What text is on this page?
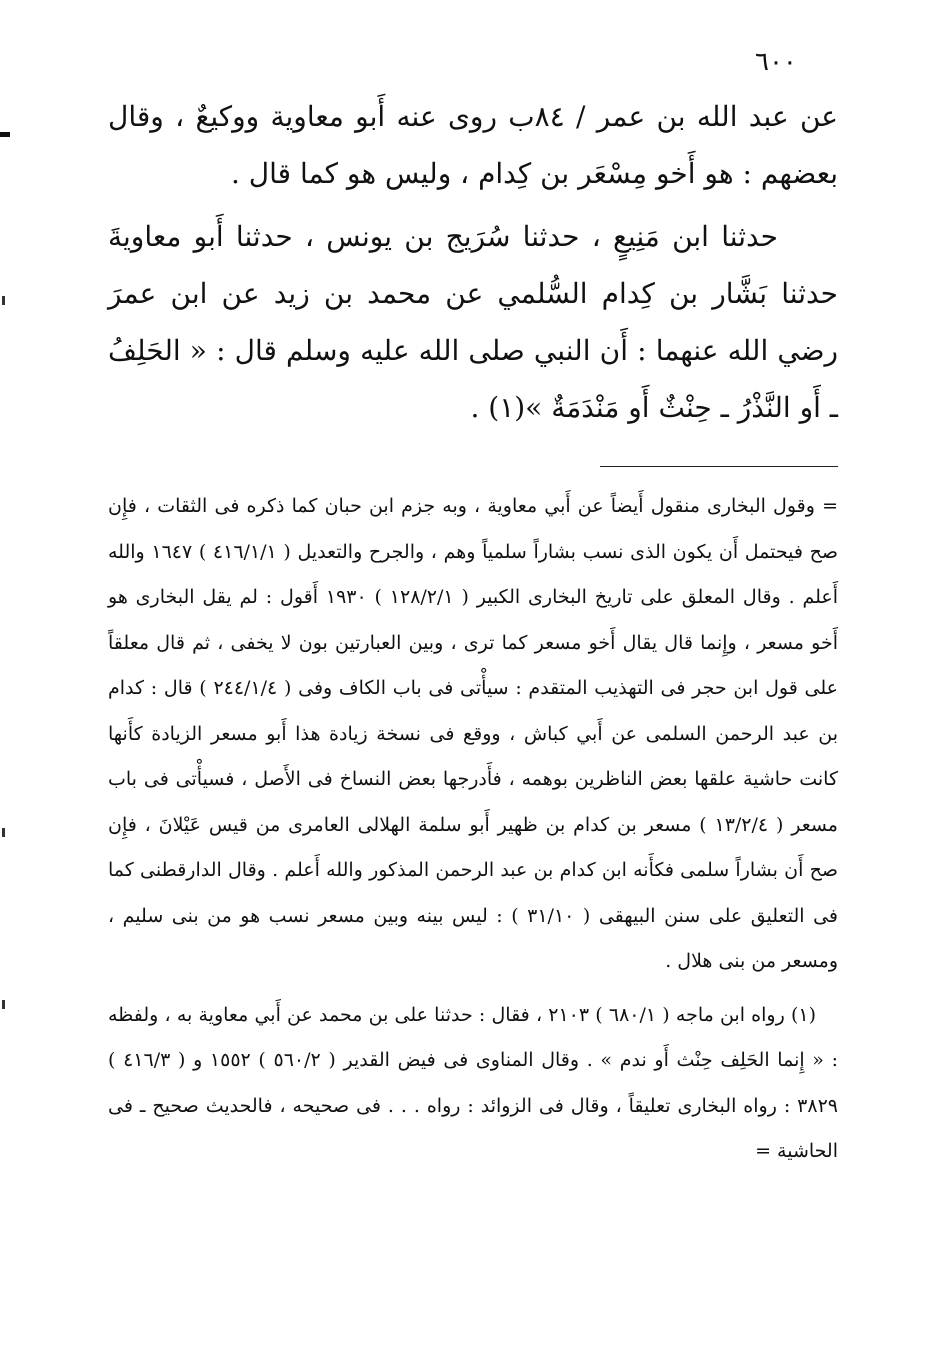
٦٠٠

عن عبد الله بن عمر / ٨٤ب روى عنه أَبو معاوية ووكيعٌ ، وقال بعضهم : هو أَخو مِسْعَر بن كِدام ، وليس هو كما قال .

حدثنا ابن مَنِيعٍ ، حدثنا سُرَيج بن يونس ، حدثنا أَبو معاويةَ حدثنا بَشَّار بن كِدام السُّلمي عن محمد بن زيد عن ابن عمرَ رضي الله عنهما : أَن النبي صلى الله عليه وسلم قال : « الحَلِفُ ـ أَو النَّذْرُ ـ حِنْثٌ أَو مَنْدَمَةٌ »(١) .

= وقول البخارى منقول أَيضاً عن أَبي معاوية ، وبه جزم ابن حبان كما ذكره فى الثقات ، فإِن صح فيحتمل أَن يكون الذى نسب بشاراً سلمياً وهم ، والجرح والتعديل ( ٤١٦/١/١ ) ١٦٤٧ والله أَعلم . وقال المعلق على تاريخ البخارى الكبير ( ١٢٨/٢/١ ) ١٩٣٠ أَقول : لم يقل البخارى هو أَخو مسعر ، وإِنما قال يقال أَخو مسعر كما ترى ، وبين العبارتين بون لا يخفى ، ثم قال معلقاً على قول ابن حجر فى التهذيب المتقدم : سيأْتى فى باب الكاف وفى ( ٢٤٤/١/٤ ) قال : كدام بن عبد الرحمن السلمى عن أَبي كباش ، ووقع فى نسخة زيادة هذا أَبو مسعر الزيادة كأَنها كانت حاشية علقها بعض الناظرين بوهمه ، فأَدرجها بعض النساخ فى الأَصل ، فسيأْتى فى باب مسعر ( ١٣/٢/٤ ) مسعر بن كدام بن ظهير أَبو سلمة الهلالى العامرى من قيس عَيْلانَ ، فإِن صح أَن بشاراً سلمى فكأَنه ابن كدام بن عبد الرحمن المذكور والله أَعلم . وقال الدارقطنى كما فى التعليق على سنن البيهقى ( ٣١/١٠ ) : ليس بينه وبين مسعر نسب هو من بنى سليم ، ومسعر من بنى هلال .

(١) رواه ابن ماجه ( ٦٨٠/١ ) ٢١٠٣ ، فقال : حدثنا على بن محمد عن أَبي معاوية به ، ولفظه : « إِنما الحَلِف حِنْث أَو ندم » . وقال المناوى فى فيض القدير ( ٥٦٠/٢ ) ١٥٥٢ و ( ٤١٦/٣ ) ٣٨٢٩ : رواه البخارى تعليقاً ، وقال فى الزوائد : رواه . . . فى صحيحه ، فالحديث صحيح ـ فى الحاشية =
